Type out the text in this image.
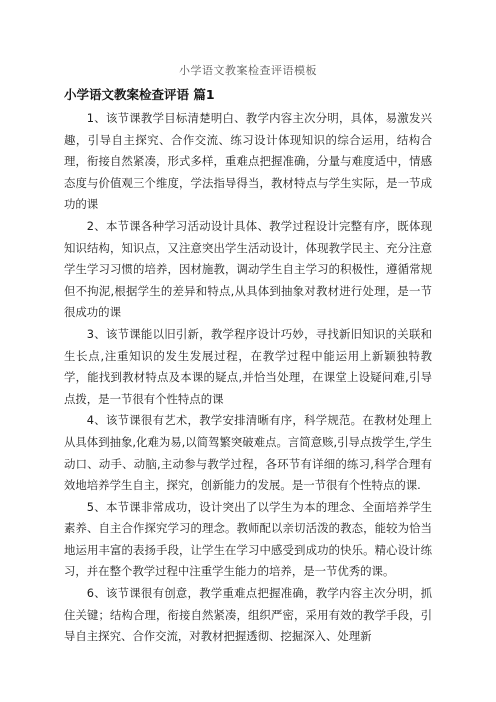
小学语文教案检查评语模板
小学语文教案检查评语 篇1

1、该节课教学目标清楚明白、教学内容主次分明，具体，易激发兴趣，引导自主探究、合作交流、练习设计体现知识的综合运用，结构合理，衔接自然紧凑，形式多样，重难点把握准确，分量与难度适中，情感态度与价值观三个维度，学法指导得当，教材特点与学生实际，是一节成功的课

2、本节课各种学习活动设计具体、教学过程设计完整有序，既体现知识结构，知识点，又注意突出学生活动设计，体现教学民主、充分注意学生学习习惯的培养，因材施教，调动学生自主学习的积极性，遵循常规但不拘泥,根据学生的差异和特点,从具体到抽象对教材进行处理，是一节很成功的课

3、该节课能以旧引新，教学程序设计巧妙，寻找新旧知识的关联和生长点,注重知识的发生发展过程，在教学过程中能运用上新颖独特教学，能找到教材特点及本课的疑点,并恰当处理，在课堂上设疑问难,引导点拨，是一节很有个性特点的课

4、该节课很有艺术，教学安排清晰有序，科学规范。在教材处理上从具体到抽象,化难为易,以简驾繁突破难点。言简意赅,引导点拨学生,学生动口、动手、动脑,主动参与教学过程，各环节有详细的练习,科学合理有效地培养学生自主，探究，创新能力的发展。是一节很有个性特点的课.

5、本节课非常成功，设计突出了以学生为本的理念、全面培养学生素养、自主合作探究学习的理念。教师配以亲切活泼的教态，能较为恰当地运用丰富的表扬手段，让学生在学习中感受到成功的快乐。精心设计练习，并在整个教学过程中注重学生能力的培养，是一节优秀的课。

6、该节课很有创意，教学重难点把握准确，教学内容主次分明，抓住关键；结构合理，衔接自然紧凑，组织严密，采用有效的教学手段，引导自主探究、合作交流，对教材把握透彻、挖掘深入、处理新
